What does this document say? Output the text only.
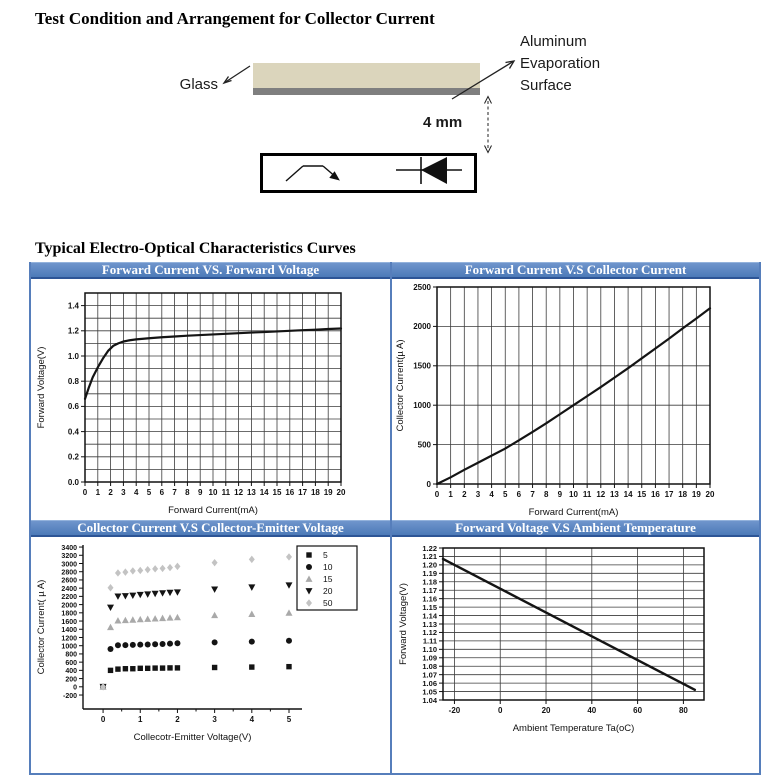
Test Condition and Arrangement for Collector Current
Glass
Aluminum Evaporation Surface
4 mm
Typical Electro-Optical Characteristics Curves
Forward Current VS. Forward Voltage
0 1 2 3 4 5 6 7 8 9 10 11 12 13 14 15 16 17 18 19 20
0.0
0.2
0.4
0.6
0.8
1.0
1.2
1.4
Forward Current(mA)
Forward Voltage(V)
Forward Current V.S Collector Current
0 1 2 3 4 5 6 7 8 9 10 11 12 13 14 15 16 17 18 19 20
0
500
1000
1500
2000
2500
Forward Current(mA)
Collector Current(µ A)
Collector Current V.S Collector-Emitter Voltage
0	1	2	3	4	5
-200
0
200
400
600
800
1000
1200
1400
1600
1800
2000
2200
2400
2600
2800
3000
3200
3400
Collecotr-Emitter Voltage(V)
Collector Current( µ A)
5
10
15
20
50
Forward Voltage V.S Ambient Temperature
-20	0	20	40	60	80
1.04
1.05
1.06
1.07
1.08
1.09
1.10
1.11
1.12
1.13
1.14
1.15
1.16
1.17
1.18
1.19
1.20
1.21
1.22
Ambient Temperature Ta(oC)
Forward Voltage(V)
